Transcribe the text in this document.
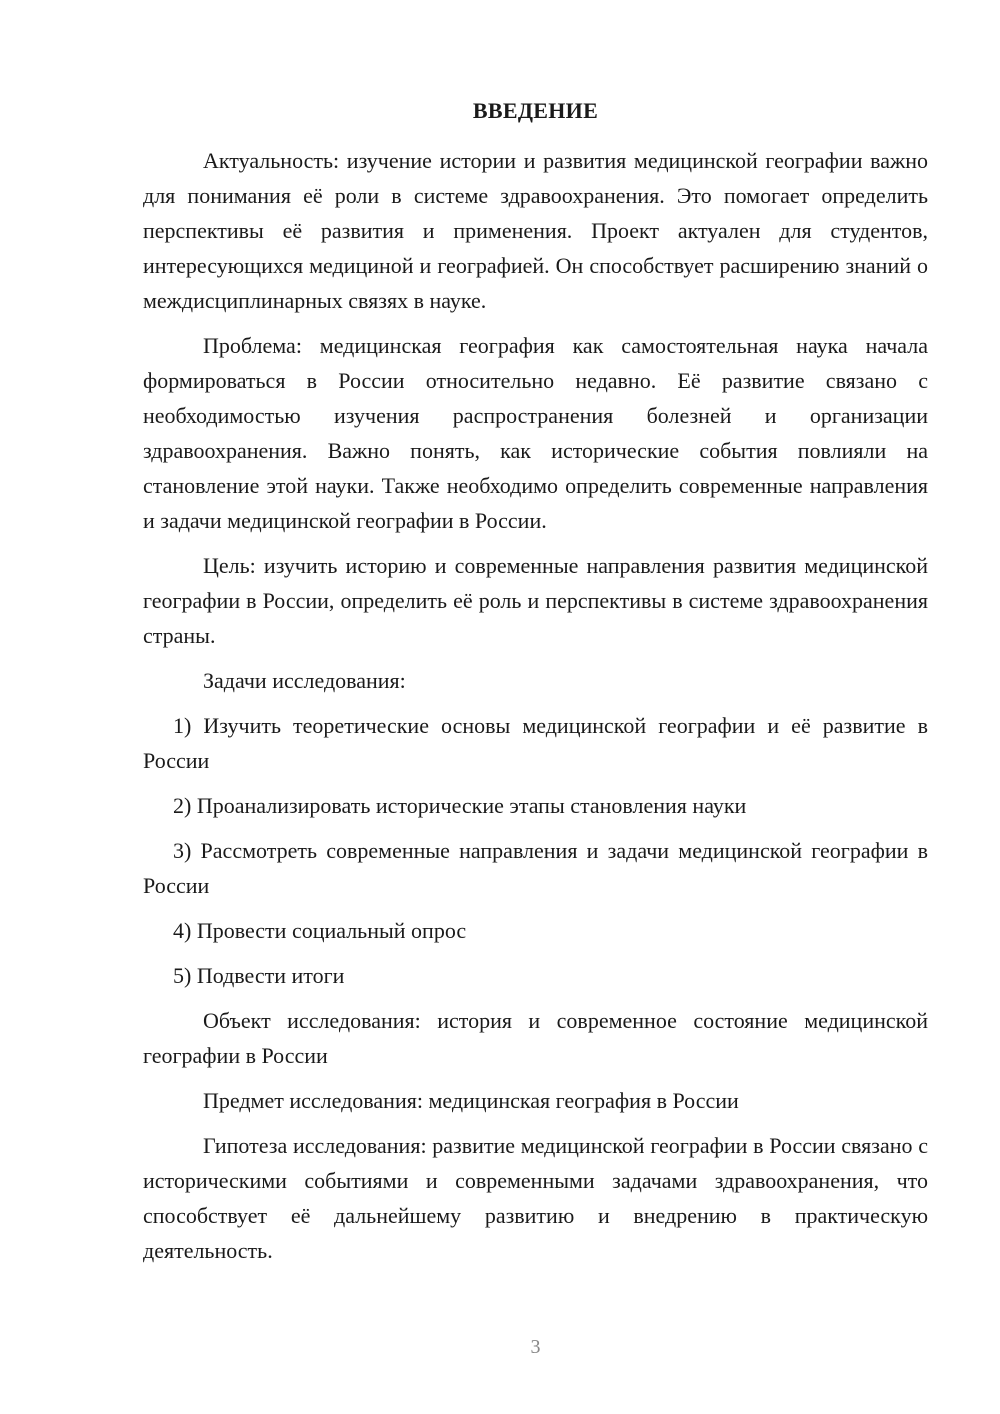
ВВЕДЕНИЕ

Актуальность: изучение истории и развития медицинской географии важно для понимания её роли в системе здравоохранения. Это помогает определить перспективы её развития и применения. Проект актуален для студентов, интересующихся медициной и географией. Он способствует расширению знаний о междисциплинарных связях в науке.

Проблема: медицинская география как самостоятельная наука начала формироваться в России относительно недавно. Её развитие связано с необходимостью изучения распространения болезней и организации здравоохранения. Важно понять, как исторические события повлияли на становление этой науки. Также необходимо определить современные направления и задачи медицинской географии в России.

Цель: изучить историю и современные направления развития медицинской географии в России, определить её роль и перспективы в системе здравоохранения страны.

Задачи исследования:

1) Изучить теоретические основы медицинской географии и её развитие в России

2) Проанализировать исторические этапы становления науки

3) Рассмотреть современные направления и задачи медицинской географии в России

4) Провести социальный опрос

5) Подвести итоги

Объект исследования: история и современное состояние медицинской географии в России

Предмет исследования: медицинская география в России

Гипотеза исследования: развитие медицинской географии в России связано с историческими событиями и современными задачами здравоохранения, что способствует её дальнейшему развитию и внедрению в практическую деятельность.

3
